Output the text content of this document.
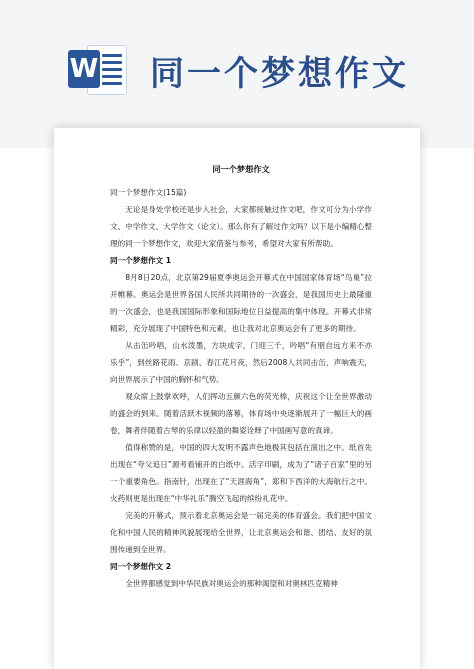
W 同一个梦想作文
同一个梦想作文

同一个梦想作文(15篇)

无论是身处学校还是步入社会，大家都接触过作文吧，作文可分为小学作文、中学作文、大学作文（论文）。那么你有了解过作文吗？以下是小编精心整理的同一个梦想作文，欢迎大家借鉴与参考，希望对大家有所帮助。

同一个梦想作文 1

8月8日20点，北京第29届夏季奥运会开幕式在中国国家体育场“鸟巢”拉开帷幕。奥运会是世界各国人民所共同期待的一次盛会，是我国历史上最隆重的一次盛会，也是我国国际形象和国际地位日益提高的集中体现。开幕式非常精彩，充分展现了中国特色和元素，也让我对北京奥运会有了更多的期待。

从击缶吟唱，山水泼墨，方块成字，门迎三千，吟唱“有朋自远方来不亦乐乎”，到丝路花雨、京剧、春江花月夜，然后2008人共同击缶，声响震天，向世界展示了中国的胸怀和气势。

观众席上鼓掌欢呼，人们挥动五颜六色的荧光棒，庆祝这个让全世界激动的盛会的到来。随着活跃木视频的落幕，体育场中央逐渐展开了一幅巨大的画卷，舞者伴随着古琴的乐律以轻盈的舞姿诠释了中国画写意的真谛。

值得称赞的是，中国的四大发明不露声色地极其包括在演出之中。纸首先出现在“夸父追日”源考看铺开的白纸中。活字印刷，成为了“诸子百家”里的另一个重要角色。指南针，出现在了“天涯海角”，郑和下西洋的大海航行之中。火药则更是出现在“中华礼乐”腾空飞起的缤纷礼花中。

完美的开幕式，预示着北京奥运会是一届完美的体育盛会。我们把中国文化和中国人民的精神风貌展现给全世界，让北京奥运会和谐、团结、友好的氛围传递到全世界。

同一个梦想作文 2

全世界都感觉到中华民族对奥运会的那种渴望和对奥林匹克精神
